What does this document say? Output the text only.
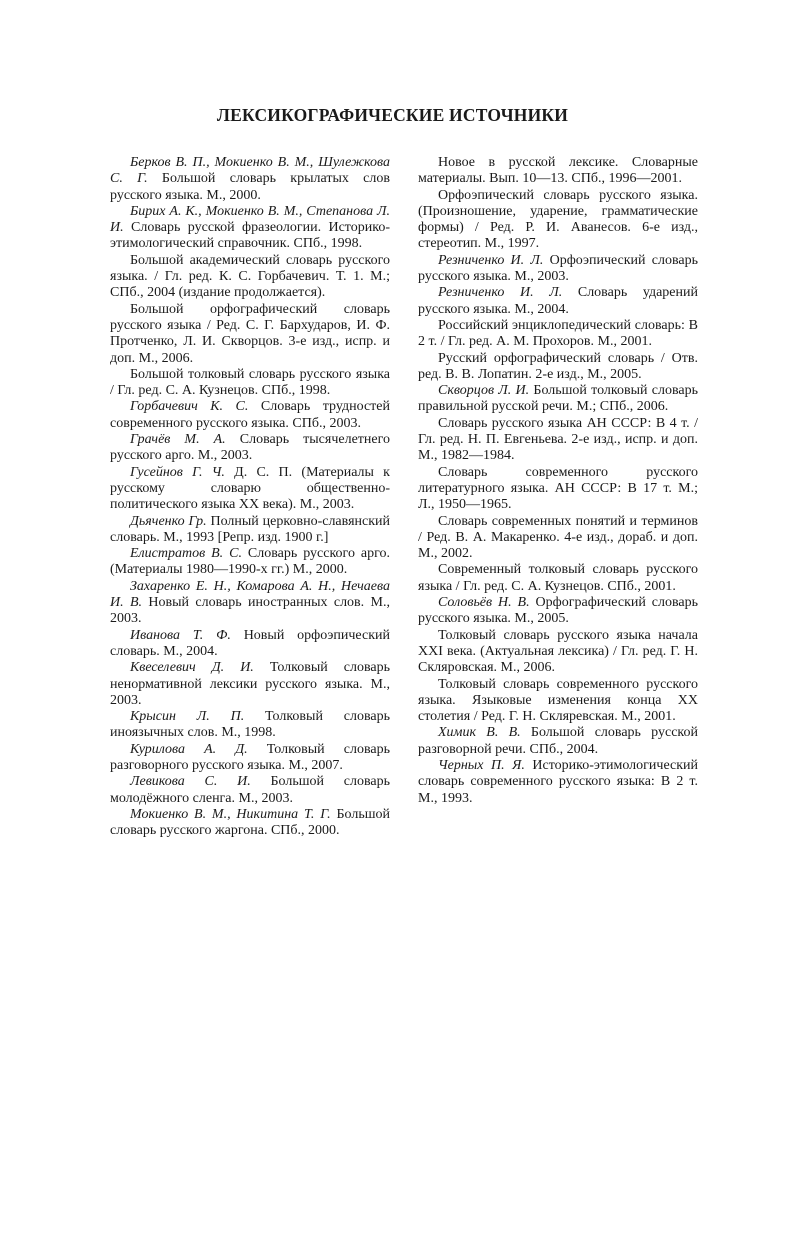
ЛЕКСИКОГРАФИЧЕСКИЕ ИСТОЧНИКИ

Берков В. П., Мокиенко В. М., Шулежкова С. Г. Большой словарь крылатых слов русского языка. М., 2000.

Бирих А. К., Мокиенко В. М., Степанова Л. И. Словарь русской фразеологии. Историко-этимологический справочник. СПб., 1998.

Большой академический словарь русского языка. / Гл. ред. К. С. Горбачевич. Т. 1. М.; СПб., 2004 (издание продолжается).

Большой орфографический словарь русского языка / Ред. С. Г. Бархударов, И. Ф. Протченко, Л. И. Скворцов. 3-е изд., испр. и доп. М., 2006.

Большой толковый словарь русского языка / Гл. ред. С. А. Кузнецов. СПб., 1998.

Горбачевич К. С. Словарь трудностей современного русского языка. СПб., 2003.

Грачёв М. А. Словарь тысячелетнего русского арго. М., 2003.

Гусейнов Г. Ч. Д. С. П. (Материалы к русскому словарю общественно-политического языка XX века). М., 2003.

Дьяченко Гр. Полный церковно-славянский словарь. М., 1993 [Репр. изд. 1900 г.]

Елистратов В. С. Словарь русского арго. (Материалы 1980—1990-х гг.) М., 2000.

Захаренко Е. Н., Комарова А. Н., Нечаева И. В. Новый словарь иностранных слов. М., 2003.

Иванова Т. Ф. Новый орфоэпический словарь. М., 2004.

Квеселевич Д. И. Толковый словарь ненормативной лексики русского языка. М., 2003.

Крысин Л. П. Толковый словарь иноязычных слов. М., 1998.

Курилова А. Д. Толковый словарь разговорного русского языка. М., 2007.

Левикова С. И. Большой словарь молодёжного сленга. М., 2003.

Мокиенко В. М., Никитина Т. Г. Большой словарь русского жаргона. СПб., 2000.

Новое в русской лексике. Словарные материалы. Вып. 10—13. СПб., 1996—2001.

Орфоэпический словарь русского языка. (Произношение, ударение, грамматические формы) / Ред. Р. И. Аванесов. 6-е изд., стереотип. М., 1997.

Резниченко И. Л. Орфоэпический словарь русского языка. М., 2003.

Резниченко И. Л. Словарь ударений русского языка. М., 2004.

Российский энциклопедический словарь: В 2 т. / Гл. ред. А. М. Прохоров. М., 2001.

Русский орфографический словарь / Отв. ред. В. В. Лопатин. 2-е изд., М., 2005.

Скворцов Л. И. Большой толковый словарь правильной русской речи. М.; СПб., 2006.

Словарь русского языка АН СССР: В 4 т. / Гл. ред. Н. П. Евгеньева. 2-е изд., испр. и доп. М., 1982—1984.

Словарь современного русского литературного языка. АН СССР: В 17 т. М.; Л., 1950—1965.

Словарь современных понятий и терминов / Ред. В. А. Макаренко. 4-е изд., дораб. и доп. М., 2002.

Современный толковый словарь русского языка / Гл. ред. С. А. Кузнецов. СПб., 2001.

Соловьёв Н. В. Орфографический словарь русского языка. М., 2005.

Толковый словарь русского языка начала XXI века. (Актуальная лексика) / Гл. ред. Г. Н. Скляровская. М., 2006.

Толковый словарь современного русского языка. Языковые изменения конца XX столетия / Ред. Г. Н. Скляревская. М., 2001.

Химик В. В. Большой словарь русской разговорной речи. СПб., 2004.

Черных П. Я. Историко-этимологический словарь современного русского языка: В 2 т. М., 1993.
